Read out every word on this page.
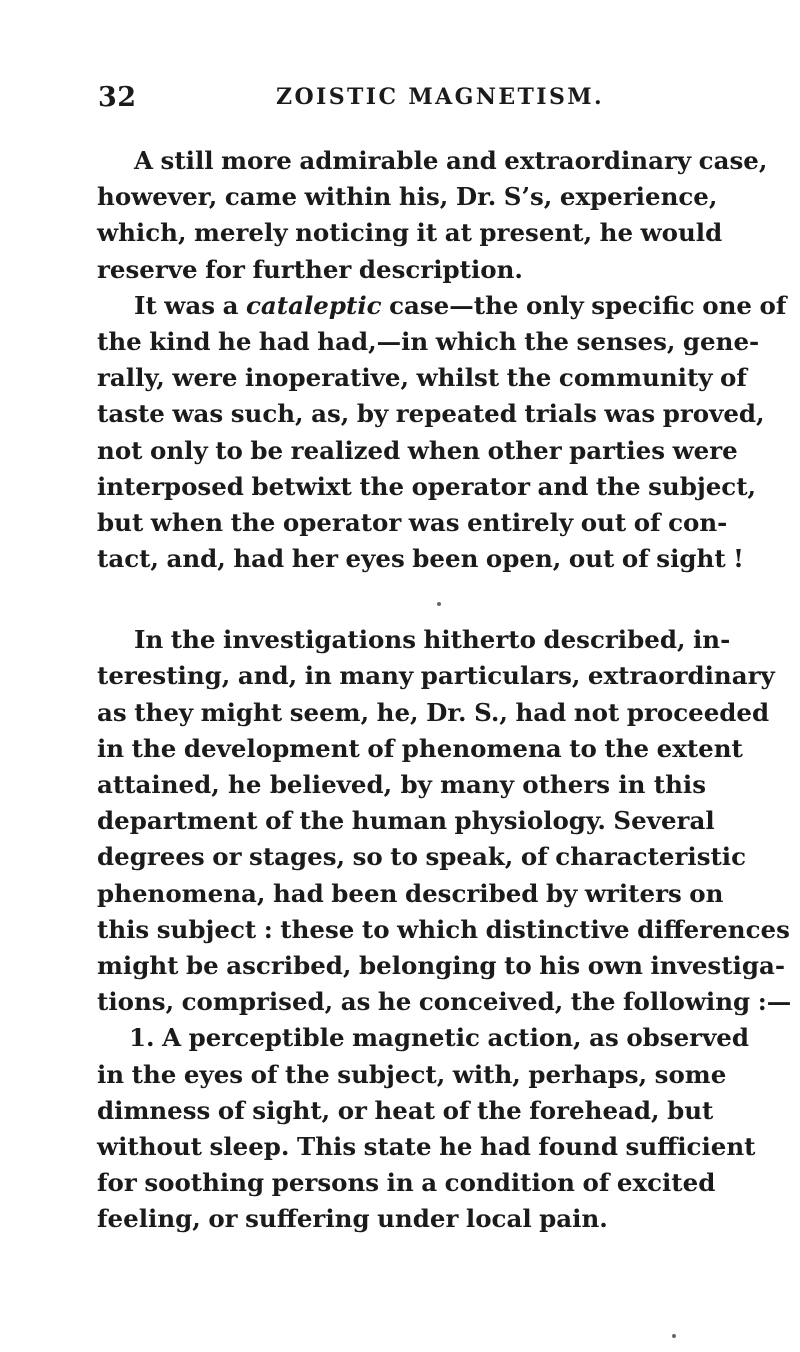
32	ZOISTIC MAGNETISM.
A still more admirable and extraordinary case,
however, came within his, Dr. S’s, experience,
which, merely noticing it at present, he would
reserve for further description.
It was a cataleptic case—the only specific one of
the kind he had had,—in which the senses, gene-
rally, were inoperative, whilst the community of
taste was such, as, by repeated trials was proved,
not only to be realized when other parties were
interposed betwixt the operator and the subject,
but when the operator was entirely out of con-
tact, and, had her eyes been open, out of sight !
In the investigations hitherto described, in-
teresting, and, in many particulars, extraordinary
as they might seem, he, Dr. S., had not proceeded
in the development of phenomena to the extent
attained, he believed, by many others in this
department of the human physiology. Several
degrees or stages, so to speak, of characteristic
phenomena, had been described by writers on
this subject : these to which distinctive differences
might be ascribed, belonging to his own investiga-
tions, comprised, as he conceived, the following :—
1. A perceptible magnetic action, as observed
in the eyes of the subject, with, perhaps, some
dimness of sight, or heat of the forehead, but
without sleep. This state he had found sufficient
for soothing persons in a condition of excited
feeling, or suffering under local pain.
